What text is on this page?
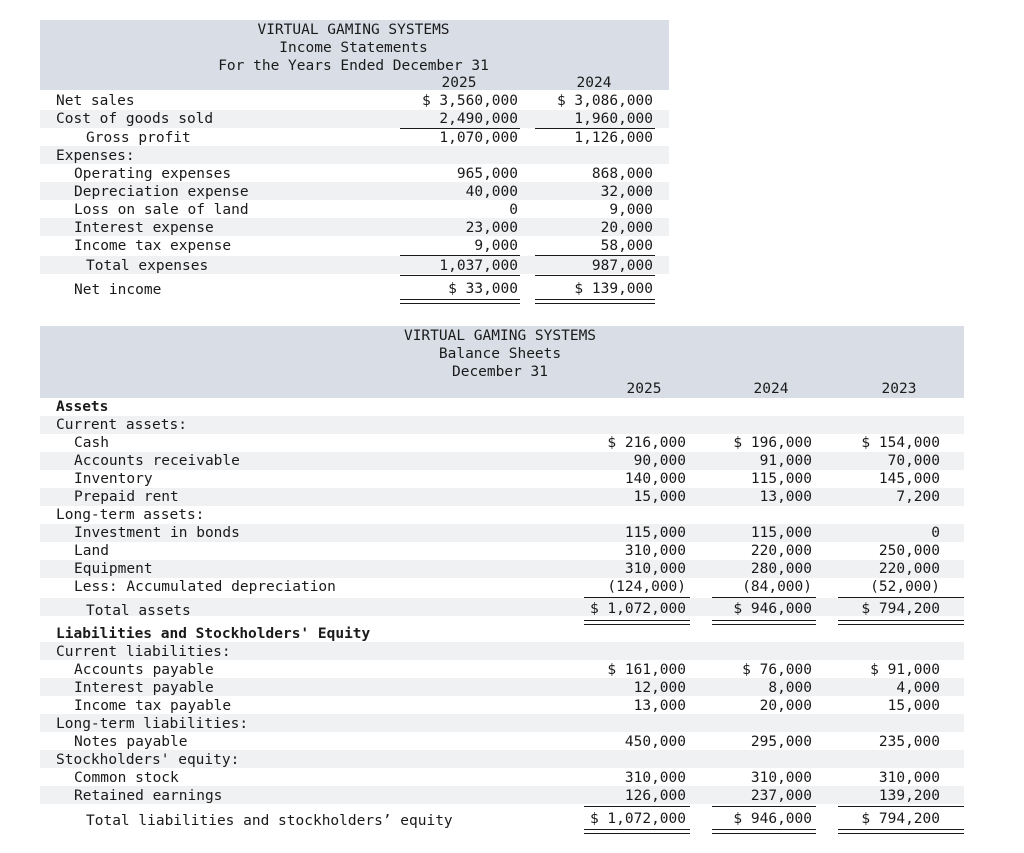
VIRTUAL GAMING SYSTEMS
Income Statements
For the Years Ended December 31
2025	2024
Net sales	$ 3,560,000	$ 3,086,000
Cost of goods sold	2,490,000	1,960,000
Gross profit	1,070,000	1,126,000
Expenses:
Operating expenses	965,000	868,000
Depreciation expense	40,000	32,000
Loss on sale of land	0	9,000
Interest expense	23,000	20,000
Income tax expense	9,000	58,000
Total expenses	1,037,000	987,000
Net income	$ 33,000	$ 139,000
VIRTUAL GAMING SYSTEMS
Balance Sheets
December 31
2025	2024	2023
Assets
Current assets:
Cash	$ 216,000	$ 196,000	$ 154,000
Accounts receivable	90,000	91,000	70,000
Inventory	140,000	115,000	145,000
Prepaid rent	15,000	13,000	7,200
Long-term assets:
Investment in bonds	115,000	115,000	0
Land	310,000	220,000	250,000
Equipment	310,000	280,000	220,000
Less: Accumulated depreciation	(124,000)	(84,000)	(52,000)
Total assets	$ 1,072,000	$ 946,000	$ 794,200
Liabilities and Stockholders' Equity
Current liabilities:
Accounts payable	$ 161,000	$ 76,000	$ 91,000
Interest payable	12,000	8,000	4,000
Income tax payable	13,000	20,000	15,000
Long-term liabilities:
Notes payable	450,000	295,000	235,000
Stockholders' equity:
Common stock	310,000	310,000	310,000
Retained earnings	126,000	237,000	139,200
Total liabilities and stockholders’ equity	$ 1,072,000	$ 946,000	$ 794,200
